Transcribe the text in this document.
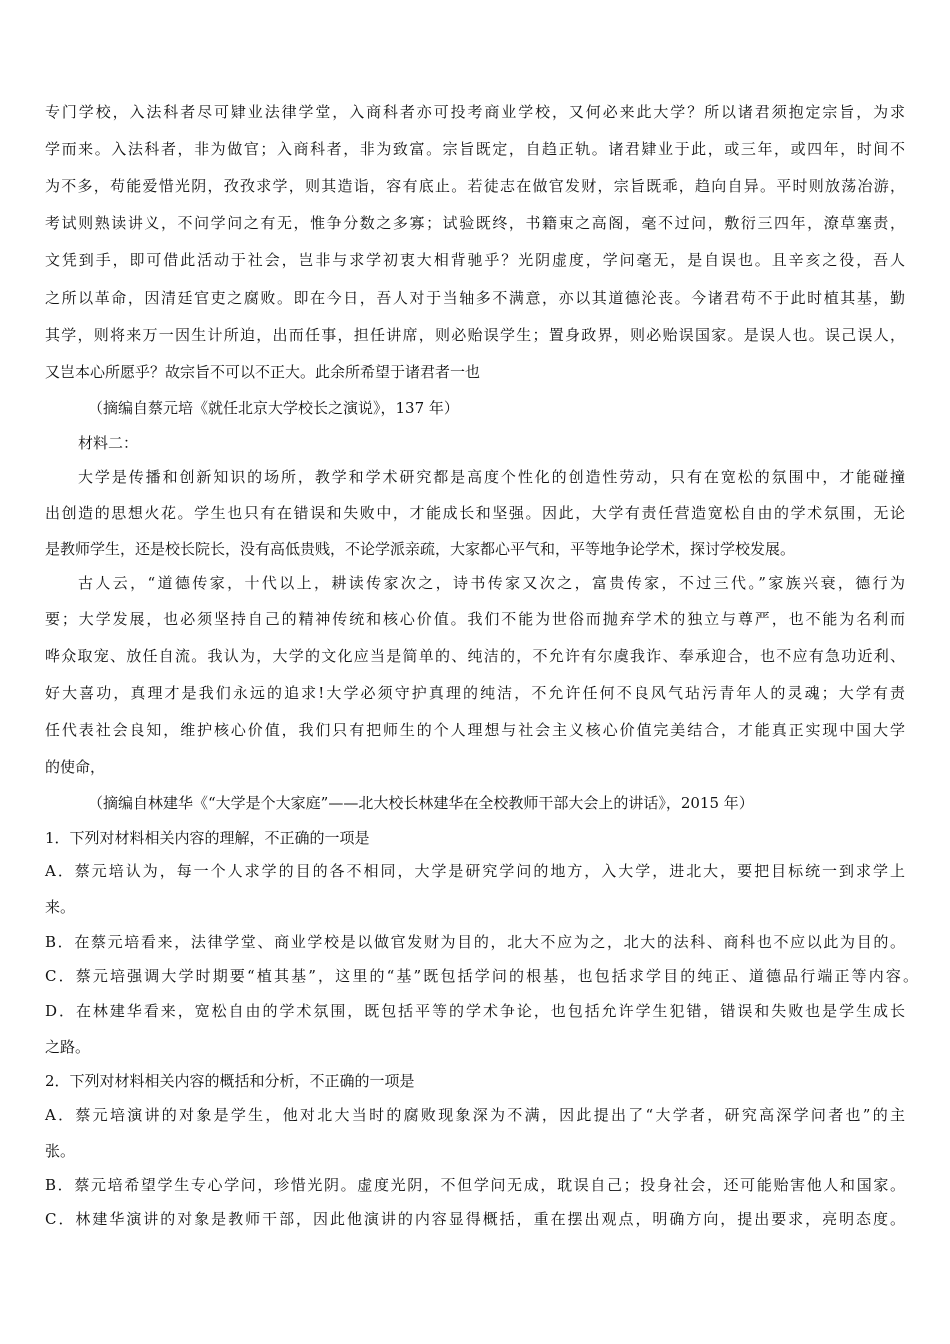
专门学校，入法科者尽可肄业法律学堂，入商科者亦可投考商业学校，又何必来此大学？所以诸君须抱定宗旨，为求
学而来。入法科者，非为做官；入商科者，非为致富。宗旨既定，自趋正轨。诸君肄业于此，或三年，或四年，时间不
为不多，苟能爱惜光阴，孜孜求学，则其造诣，容有底止。若徒志在做官发财，宗旨既乖，趋向自异。平时则放荡冶游，
考试则熟读讲义，不问学问之有无，惟争分数之多寡；试验既终，书籍束之高阁，毫不过问，敷衍三四年，潦草塞责，
文凭到手，即可借此活动于社会，岂非与求学初衷大相背驰乎？光阴虚度，学问毫无，是自误也。且辛亥之役，吾人
之所以革命，因清廷官吏之腐败。即在今日，吾人对于当轴多不满意，亦以其道德沦丧。今诸君苟不于此时植其基，勤
其学，则将来万一因生计所迫，出而任事，担任讲席，则必贻误学生；置身政界，则必贻误国家。是误人也。误己误人，
又岂本心所愿乎？故宗旨不可以不正大。此余所希望于诸君者一也
（摘编自蔡元培《就任北京大学校长之演说》，137 年）
材料二：
大学是传播和创新知识的场所，教学和学术研究都是高度个性化的创造性劳动，只有在宽松的氛围中，才能碰撞
出创造的思想火花。学生也只有在错误和失败中，才能成长和坚强。因此，大学有责任营造宽松自由的学术氛围，无论
是教师学生，还是校长院长，没有高低贵贱，不论学派亲疏，大家都心平气和，平等地争论学术，探讨学校发展。
古人云，“道德传家，十代以上，耕读传家次之，诗书传家又次之，富贵传家，不过三代。”家族兴衰，德行为
要；大学发展，也必须坚持自己的精神传统和核心价值。我们不能为世俗而抛弃学术的独立与尊严，也不能为名利而
哗众取宠、放任自流。我认为，大学的文化应当是简单的、纯洁的，不允许有尔虞我诈、奉承迎合，也不应有急功近利、
好大喜功，真理才是我们永远的追求!大学必须守护真理的纯洁，不允许任何不良风气玷污青年人的灵魂；大学有责
任代表社会良知，维护核心价值，我们只有把师生的个人理想与社会主义核心价值完美结合，才能真正实现中国大学
的使命，
（摘编自林建华《“大学是个大家庭”——北大校长林建华在全校教师干部大会上的讲话》，2015 年）
1．下列对材料相关内容的理解，不正确的一项是
A．蔡元培认为，每一个人求学的目的各不相同，大学是研究学问的地方，入大学，进北大，要把目标统一到求学上
来。
B．在蔡元培看来，法律学堂、商业学校是以做官发财为目的，北大不应为之，北大的法科、商科也不应以此为目的。
C．蔡元培强调大学时期要“植其基”，这里的“基”既包括学问的根基，也包括求学目的纯正、道德品行端正等内容。
D．在林建华看来，宽松自由的学术氛围，既包括平等的学术争论，也包括允许学生犯错，错误和失败也是学生成长
之路。
2．下列对材料相关内容的概括和分析，不正确的一项是
A．蔡元培演讲的对象是学生，他对北大当时的腐败现象深为不满，因此提出了“大学者，研究高深学问者也”的主
张。
B．蔡元培希望学生专心学问，珍惜光阴。虚度光阴，不但学问无成，耽误自己；投身社会，还可能贻害他人和国家。
C．林建华演讲的对象是教师干部，因此他演讲的内容显得概括，重在摆出观点，明确方向，提出要求，亮明态度。
